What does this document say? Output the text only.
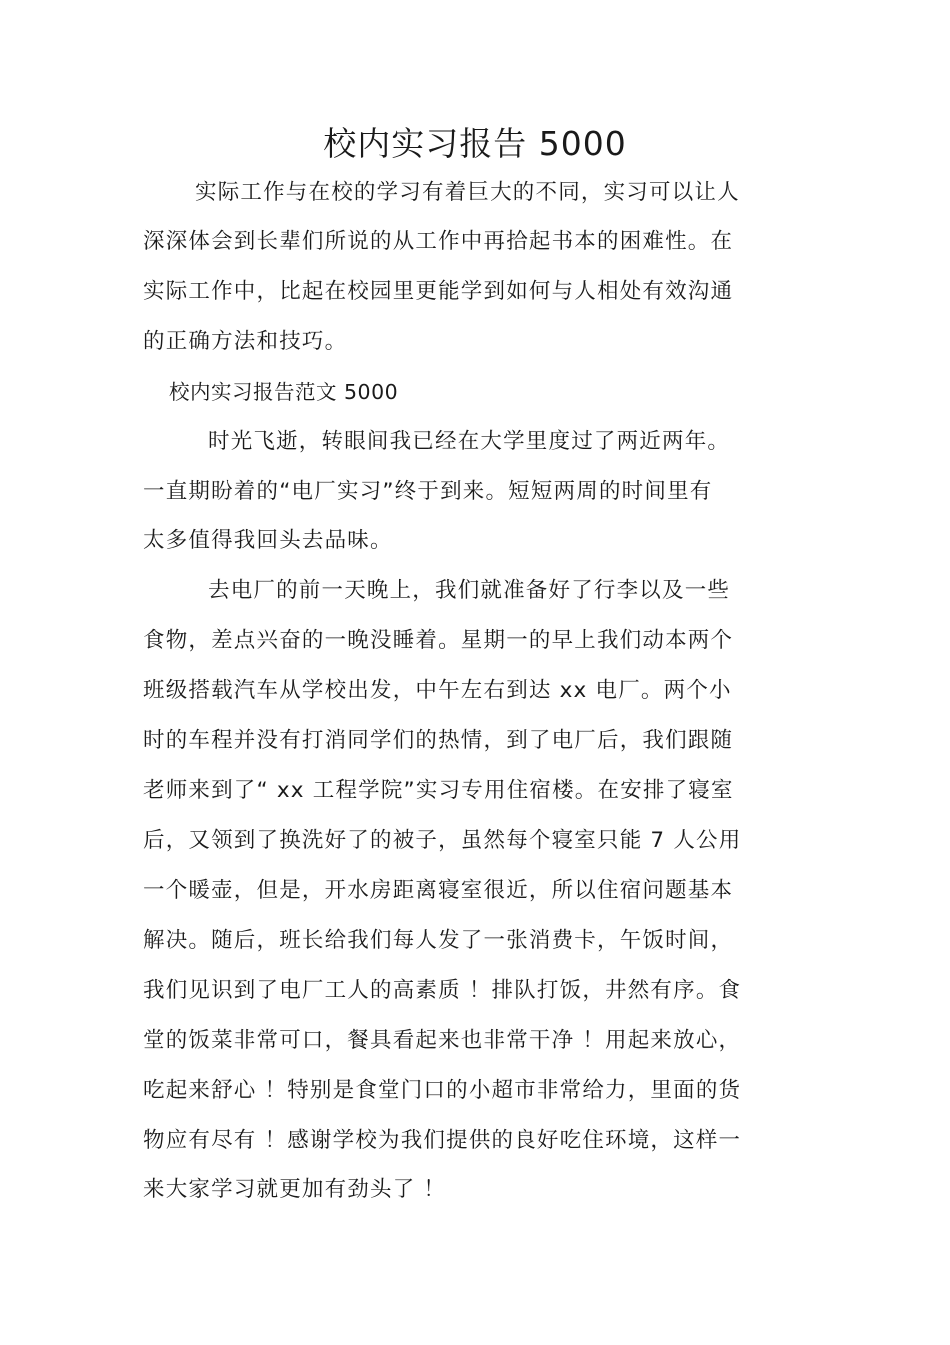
校内实习报告 5000
实际工作与在校的学习有着巨大的不同，实习可以让人
深深体会到长辈们所说的从工作中再拾起书本的困难性。在
实际工作中，比起在校园里更能学到如何与人相处有效沟通
的正确方法和技巧。
校内实习报告范文 5000
时光飞逝，转眼间我已经在大学里度过了两近两年。
一直期盼着的“电厂实习”终于到来。短短两周的时间里有
太多值得我回头去品味。
去电厂的前一天晚上，我们就准备好了行李以及一些
食物，差点兴奋的一晚没睡着。星期一的早上我们动本两个
班级搭载汽车从学校出发，中午左右到达 xx 电厂。两个小
时的车程并没有打消同学们的热情，到了电厂后，我们跟随
老师来到了“ xx 工程学院”实习专用住宿楼。在安排了寝室
后，又领到了换洗好了的被子，虽然每个寝室只能 7 人公用
一个暖壶，但是，开水房距离寝室很近，所以住宿问题基本
解决。随后，班长给我们每人发了一张消费卡，午饭时间，
我们见识到了电厂工人的高素质 ！排队打饭，井然有序。食
堂的饭菜非常可口，餐具看起来也非常干净 ！用起来放心，
吃起来舒心 ！特别是食堂门口的小超市非常给力，里面的货
物应有尽有 ！感谢学校为我们提供的良好吃住环境，这样一
来大家学习就更加有劲头了 ！
